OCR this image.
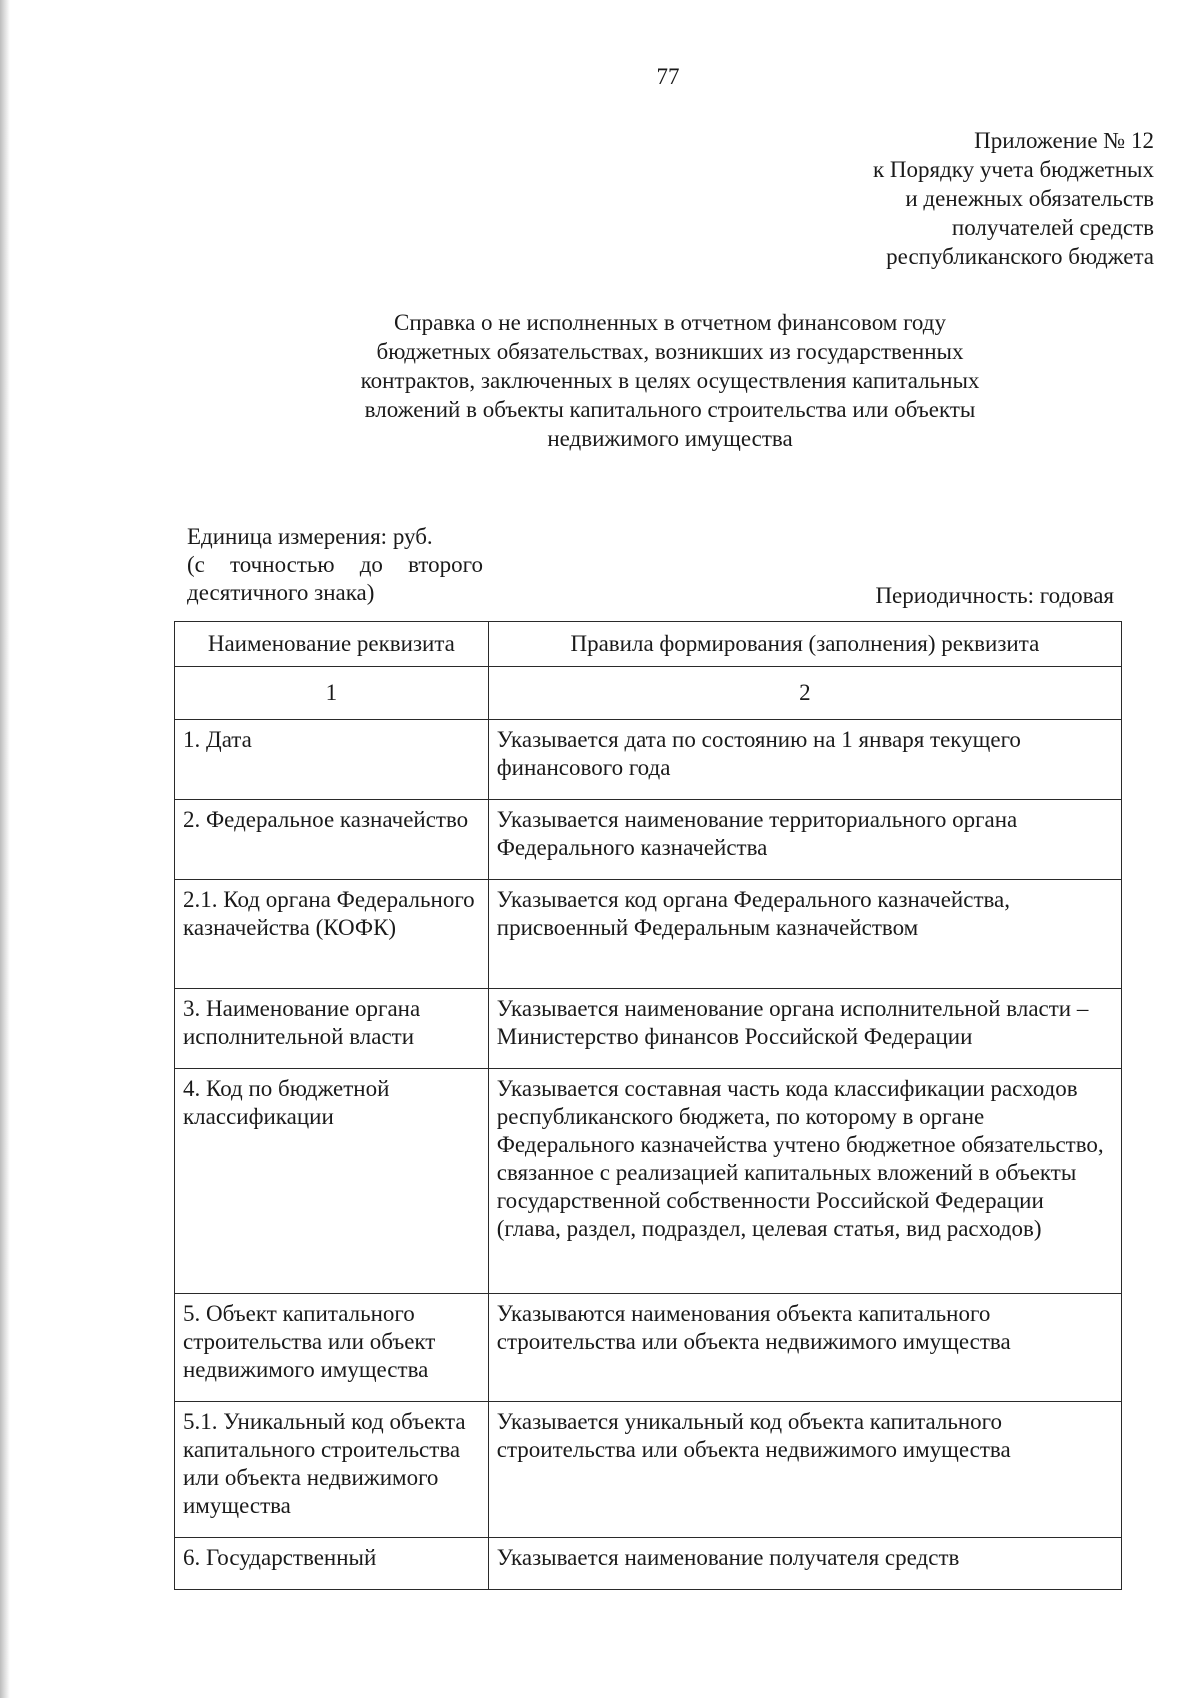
77
Приложение № 12
к Порядку учета бюджетных
и денежных обязательств
получателей средств
республиканского бюджета
Справка о не исполненных в отчетном финансовом году
бюджетных обязательствах, возникших из государственных
контрактов, заключенных в целях осуществления капитальных
вложений в объекты капитального строительства или объекты
недвижимого имущества
Единица измерения: руб.
(с точностью до второго
десятичного знака)	Периодичность: годовая
Наименование реквизита	Правила формирования (заполнения) реквизита
1	2
1. Дата	Указывается дата по состоянию на 1 января текущего финансового года
2. Федеральное казначейство	Указывается наименование территориального органа Федерального казначейства
2.1. Код органа Федерального казначейства (КОФК)	Указывается код органа Федерального казначейства, присвоенный Федеральным казначейством
3. Наименование органа исполнительной власти	Указывается наименование органа исполнительной власти – Министерство финансов Российской Федерации
4. Код по бюджетной классификации	Указывается составная часть кода классификации расходов республиканского бюджета, по которому в органе Федерального казначейства учтено бюджетное обязательство, связанное с реализацией капитальных вложений в объекты государственной собственности Российской Федерации (глава, раздел, подраздел, целевая статья, вид расходов)
5. Объект капитального строительства или объект недвижимого имущества	Указываются наименования объекта капитального строительства или объекта недвижимого имущества
5.1. Уникальный код объекта капитального строительства или объекта недвижимого имущества	Указывается уникальный код объекта капитального строительства или объекта недвижимого имущества
6. Государственный	Указывается наименование получателя средств
